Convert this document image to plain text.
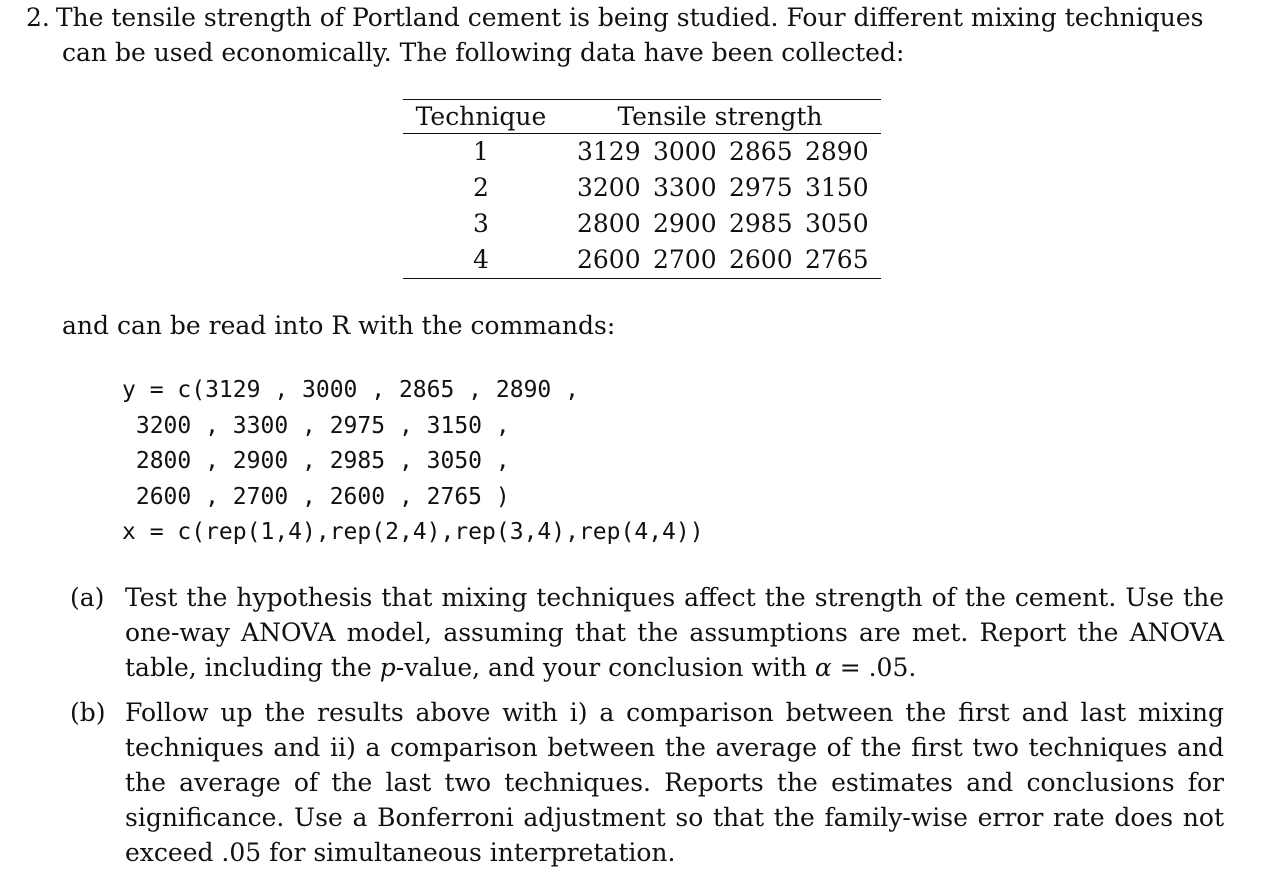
2. The tensile strength of Portland cement is being studied. Four different mixing techniques
can be used economically. The following data have been collected:
Technique	Tensile strength
1	3129 3000 2865 2890
2	3200 3300 2975 3150
3	2800 2900 2985 3050
4	2600 2700 2600 2765
and can be read into R with the commands:
y = c(3129 , 3000 , 2865 , 2890 ,
3200 , 3300 , 2975 , 3150 ,
2800 , 2900 , 2985 , 3050 ,
2600 , 2700 , 2600 , 2765 )
x = c(rep(1,4),rep(2,4),rep(3,4),rep(4,4))
(a) Test the hypothesis that mixing techniques affect the strength of the cement. Use the one-way ANOVA model, assuming that the assumptions are met. Report the ANOVA table, including the p-value, and your conclusion with α = .05.
(b) Follow up the results above with i) a comparison between the first and last mixing techniques and ii) a comparison between the average of the first two techniques and the average of the last two techniques. Reports the estimates and conclusions for significance. Use a Bonferroni adjustment so that the family-wise error rate does not exceed .05 for simultaneous interpretation.
